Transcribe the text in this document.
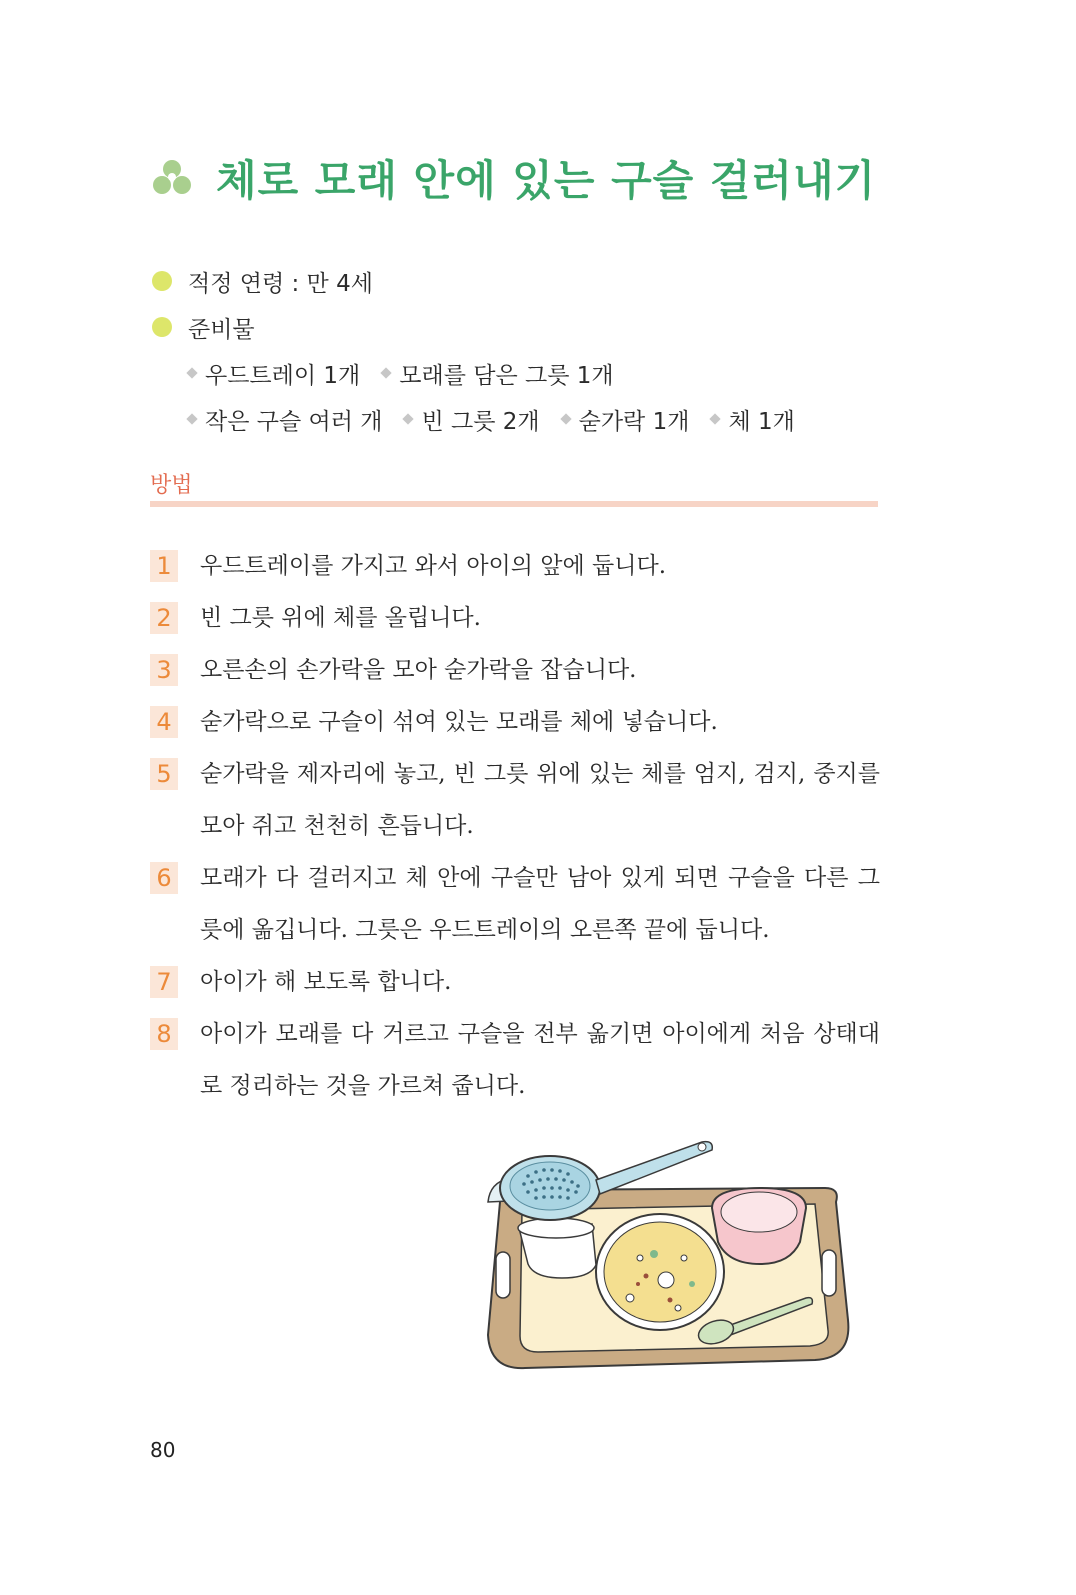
체로 모래 안에 있는 구슬 걸러내기
적정 연령 : 만 4세
준비물
우드트레이 1개 모래를 담은 그릇 1개
작은 구슬 여러 개 빈 그릇 2개 숟가락 1개 체 1개
방법
1 우드트레이를 가지고 와서 아이의 앞에 둡니다.
2 빈 그릇 위에 체를 올립니다.
3 오른손의 손가락을 모아 숟가락을 잡습니다.
4 숟가락으로 구슬이 섞여 있는 모래를 체에 넣습니다.
5 숟가락을 제자리에 놓고, 빈 그릇 위에 있는 체를 엄지, 검지, 중지를 모아 쥐고 천천히 흔듭니다.
6 모래가 다 걸러지고 체 안에 구슬만 남아 있게 되면 구슬을 다른 그릇에 옮깁니다. 그릇은 우드트레이의 오른쪽 끝에 둡니다.
7 아이가 해 보도록 합니다.
8 아이가 모래를 다 거르고 구슬을 전부 옮기면 아이에게 처음 상태대로 정리하는 것을 가르쳐 줍니다.
80
